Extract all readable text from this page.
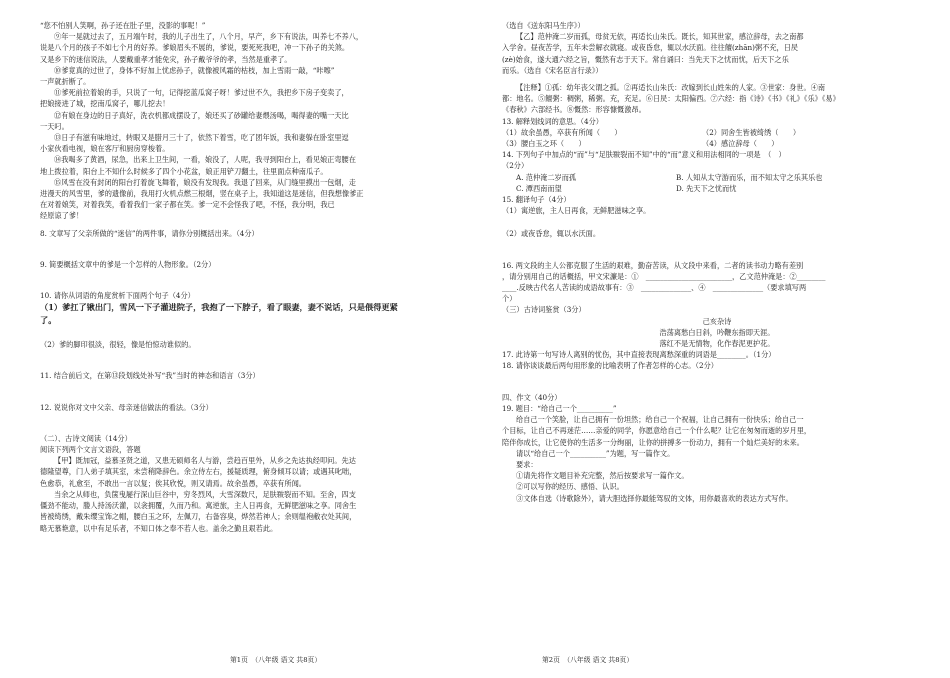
“您不怕别人笑啊，孙子还在肚子里，没影的事呢！”

⑨年一晃就过去了，五月端午时，我的儿子出生了，八个月，早产，乡下有说法，叫养七不养八，

说是八个月的孩子不如七个月的好养。爹娘眉头不展的，爹说，要死死我吧，冲一下孙子的关煞。

又是乡下的迷信说法，人要戴重孝才能免灾，孙子戴爷爷的孝，当然是重孝了。

⑩爹竟真的过世了，身体不好加上忧虑孙子，就像被风霜的枯枝，加上雪雨一敲，“咔嚓”

一声就折断了。

⑪爹死前拉着娘的手，只说了一句，记得挖蓝瓜窝子呀！爹过世不久，我把乡下房子变卖了，

把娘接进了城，挖南瓜窝子，哪儿挖去！

⑫有娘在身边的日子真好，洗衣机都成摆设了，娘还买了砂罐给妻煨汤喝，喝得妻的嘴一天比

一天叼。

⑬日子有滋有味地过，转眼又是腊月三十了，依然下着雪，吃了团年饭，我和妻躲在卧室里逗

小家伙看电视，娘在客厅和厨房穿梭着。

⑭我喝多了黄酒，尿急，出来上卫生间，一看，娘没了，人呢，我寻到阳台上，看见娘正弯腰在

地上拨拉着，阳台上不知什么时候多了四个小花盆，娘正用铲刀翻土，往里面点种南瓜子。

⑮风雪在没有封闭的阳台打着旋飞舞着，娘没有发现我。我退了回来，从门缝里摸出一包烟，走

进漫天的风雪里，爹的遗像前，我用打火机点燃三根烟，竖在桌子上，我知道这是迷信，但我想像爹正

在对着娘笑，对着我笑，看着我们一家子都在笑。爹一定不会怪我了吧，不怪，我分明，我已

经原谅了爹！

8. 文章写了父亲所做的“迷信”的两件事，请你分别概括出来。（4分）

9. 简要概括文章中的爹是一个怎样的人物形象。（2分）

10. 请你从词语的角度赏析下面两个句子（4分）

（1）爹扛了锹出门，雪风一下子灌进院子，我抱了一下脖子，看了眼妻，妻不说话，只是偎得更紧

了。

（2）爹的脚印很淡，很轻，像是怕惊动谁似的。

11. 结合前后文，在第⑬段划线处补写“我”当时的神态和语言（3分）

12. 说说你对文中父亲、母亲迷信做法的看法。（3分）

（二）、古诗文阅读（14分）

阅读下列两个文言文语段，答题

【甲】既加冠，益慕圣贤之道，又患无硕师名人与游，尝趋百里外，从乡之先达执经叩问。先达

德隆望尊，门人弟子填其室，未尝稍降辞色。余立侍左右，援疑质理，俯身倾耳以请；或遇其叱咄，

色愈恭，礼愈至，不敢出一言以复；俟其欣悦，则又请焉。故余虽愚，卒获有所闻。

当余之从师也，负箧曳屣行深山巨谷中，穷冬烈风，大雪深数尺，足肤皲裂而不知。至舍，四支

僵劲不能动，媵人持汤沃灌，以衾拥覆，久而乃和。寓逆旅，主人日再食，无鲜肥滋味之享。同舍生

皆被绮绣，戴朱缨宝饰之帽，腰白玉之环，左佩刀，右备容臭，烨然若神人；余则缊袍敝衣处其间，

略无慕艳意，以中有足乐者，不知口体之奉不若人也。盖余之勤且艰若此。

第1页　（八年级 语文 共8页）

（选自《送东阳马生序》）

【乙】范仲淹二岁而孤，母贫无依，再适长山朱氏。既长，知其世家，感泣辞母，去之南都

入学舍。昼夜苦学，五年未尝解衣就寝。或夜昏怠，辄以水沃面。往往饘(zhān)粥不充，日昃

(zè)始食，遂大通六经之旨，慨然有志于天下。常自诵曰：当先天下之忧而忧，后天下之乐

而乐。（选自《宋名臣言行录》）

【注释】①孤：幼年丧父谓之孤。②再适长山朱氏：改嫁到长山姓朱的人家。③世家：身世。④南

都：地名。⑤饘粥：稠粥，稀粥。充，充足。⑥日昃：太阳偏西。⑦六经：指《诗》《书》《礼》《乐》《易》

《春秋》六部经书。⑧慨然：形容慷慨激昂。

13. 解释划线词的意思。（4分）

（1）故余虽愚，卒获有所闻（　　）	（2）同舍生皆被绮绣（　　）
（3）腰白玉之环（　　）	（4）感泣辞母（　　）

14. 下列句子中加点的“而”与“足肤皲裂而不知”中的“而”意义和用法相同的一项是　（　）

（2分）

A. 范仲淹二岁而孤	B. 人知从太守游而乐，而不知太守之乐其乐也
C. 潭西南而望	D. 先天下之忧而忧

15. 翻译句子（4分）

（1）寓逆旅，主人日再食，无鲜肥滋味之享。

（2）或夜昏怠，辄以水沃面。

16. 两文段的主人公都克服了生活的艰难，勤奋苦读，从文段中来看，二者的读书动力略有差别

，请分别用自己的话概括，甲文宋濂是：①　________________________，乙文范仲淹是：②________

____.反映古代名人苦读的成语故事有：③　______________、④　______________（要求填写两

个）

（三）古诗词鉴赏（3分）

己亥杂诗

浩荡离愁白日斜，吟鞭东指即天涯。

落红不是无情物，化作春泥更护花。

17. 此诗第一句写诗人离别的忧伤，其中直接表现离愁深重的词语是________。（1分）

18. 请你谈谈最后两句用形象的比喻表明了作者怎样的心志。（2分）

四、作文（40分）

19. 题目：“给自己一个__________”

给自己一个笑脸，让自己拥有一份坦然；给自己一个祝福，让自己拥有一份快乐；给自己一

个目标，让自己不再迷茫……亲爱的同学，你愿意给自己一个什么呢？让它在匆匆而逝的岁月里，

陪伴你成长，让它使你的生活多一分绚丽，让你的拼搏多一份动力，拥有一个灿烂美好的未来。

请以“给自己一个__________”为题，写一篇作文。

要求：

①请先将作文题目补充完整，然后按要求写一篇作文。

②可以写你的经历、感悟、认识。

③文体自选（诗歌除外），请大胆选择你最能驾驭的文体，用你最喜欢的表达方式写作。

第2页　（八年级 语文 共8页）
